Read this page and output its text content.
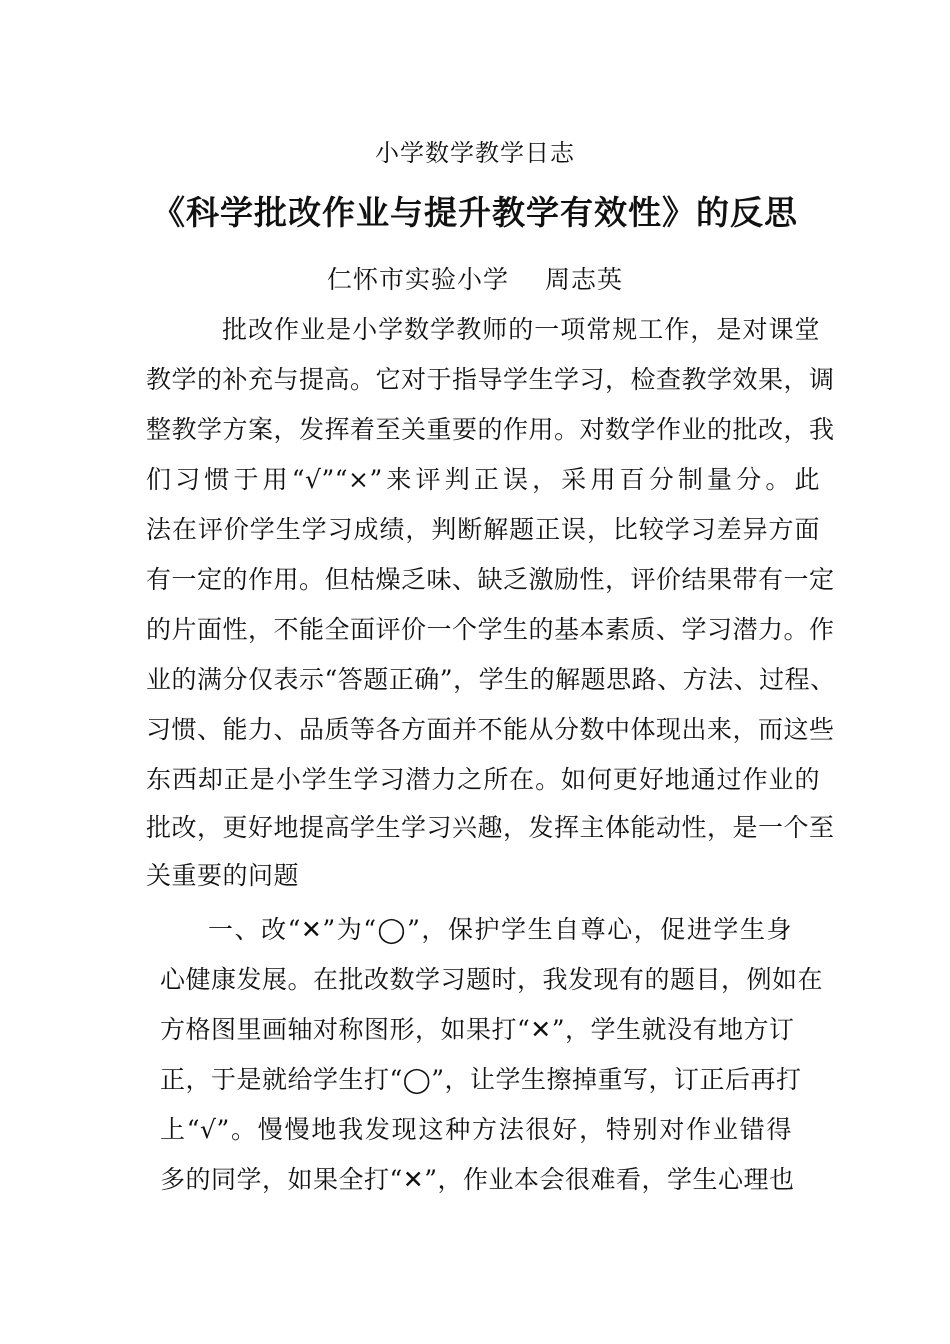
小学数学教学日志
《科学批改作业与提升教学有效性》的反思
仁怀市实验小学 周志英
批改作业是小学数学教师的一项常规工作，是对课堂
教学的补充与提高。它对于指导学生学习，检查教学效果，调
整教学方案，发挥着至关重要的作用。对数学作业的批改，我
们习惯于用“√”“×”来评判正误，采用百分制量分。此
法在评价学生学习成绩，判断解题正误，比较学习差异方面
有一定的作用。但枯燥乏味、缺乏激励性，评价结果带有一定
的片面性，不能全面评价一个学生的基本素质、学习潜力。作
业的满分仅表示“答题正确”，学生的解题思路、方法、过程、
习惯、能力、品质等各方面并不能从分数中体现出来，而这些
东西却正是小学生学习潜力之所在。如何更好地通过作业的
批改，更好地提高学生学习兴趣，发挥主体能动性，是一个至
关重要的问题
一、改“✕”为“◯”，保护学生自尊心，促进学生身
心健康发展。在批改数学习题时，我发现有的题目，例如在
方格图里画轴对称图形，如果打“✕”，学生就没有地方订
正，于是就给学生打“◯”，让学生擦掉重写，订正后再打
上“√”。慢慢地我发现这种方法很好，特别对作业错得
多的同学，如果全打“✕”，作业本会很难看，学生心理也
